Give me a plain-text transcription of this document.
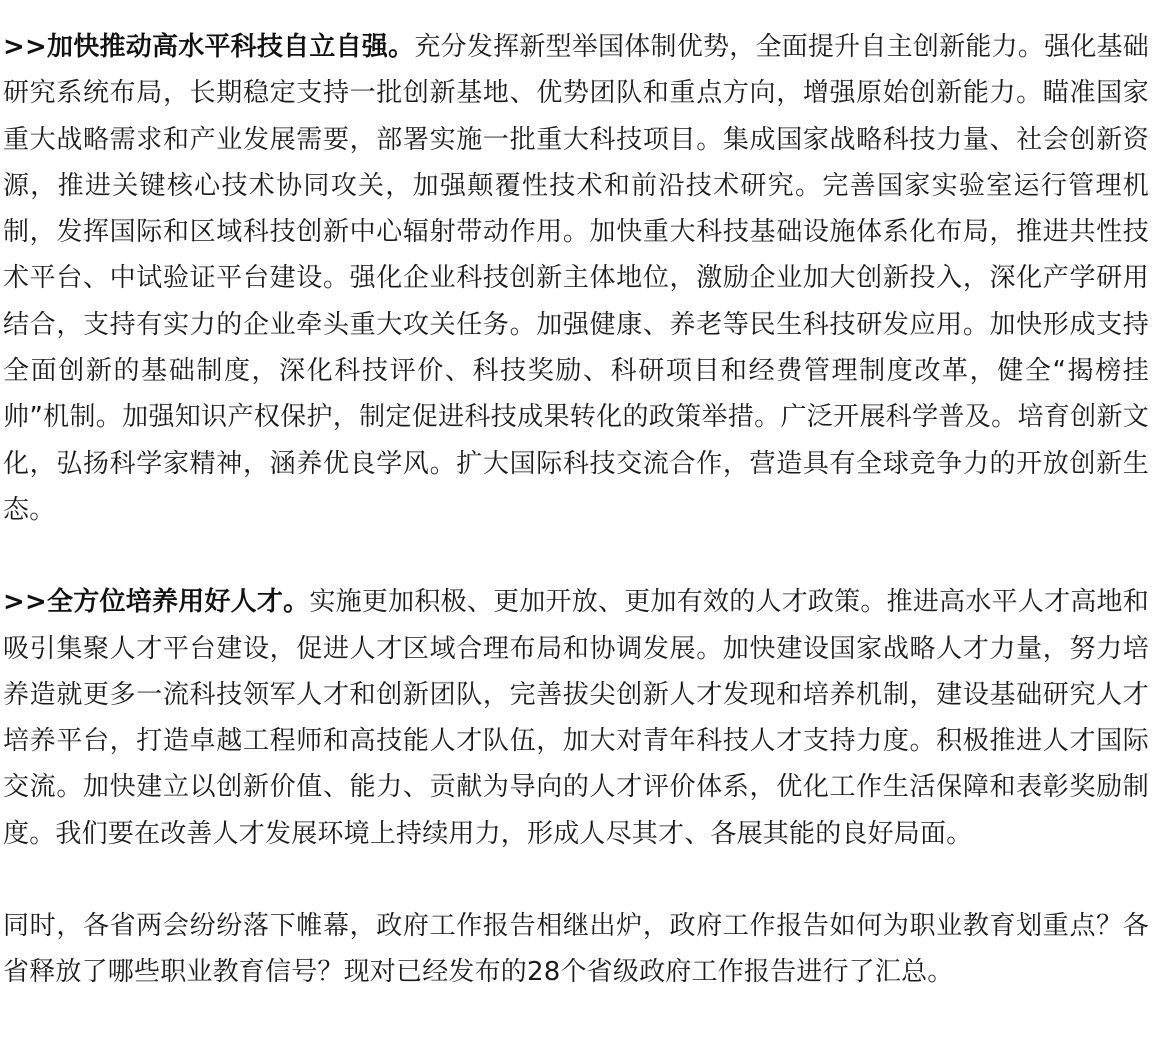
>>加快推动高水平科技自立自强。充分发挥新型举国体制优势，全面提升自主创新能力。强化基础研究系统布局，长期稳定支持一批创新基地、优势团队和重点方向，增强原始创新能力。瞄准国家重大战略需求和产业发展需要，部署实施一批重大科技项目。集成国家战略科技力量、社会创新资源，推进关键核心技术协同攻关，加强颠覆性技术和前沿技术研究。完善国家实验室运行管理机制，发挥国际和区域科技创新中心辐射带动作用。加快重大科技基础设施体系化布局，推进共性技术平台、中试验证平台建设。强化企业科技创新主体地位，激励企业加大创新投入，深化产学研用结合，支持有实力的企业牵头重大攻关任务。加强健康、养老等民生科技研发应用。加快形成支持全面创新的基础制度，深化科技评价、科技奖励、科研项目和经费管理制度改革，健全“揭榜挂帅”机制。加强知识产权保护，制定促进科技成果转化的政策举措。广泛开展科学普及。培育创新文化，弘扬科学家精神，涵养优良学风。扩大国际科技交流合作，营造具有全球竞争力的开放创新生态。

>>全方位培养用好人才。实施更加积极、更加开放、更加有效的人才政策。推进高水平人才高地和吸引集聚人才平台建设，促进人才区域合理布局和协调发展。加快建设国家战略人才力量，努力培养造就更多一流科技领军人才和创新团队，完善拔尖创新人才发现和培养机制，建设基础研究人才培养平台，打造卓越工程师和高技能人才队伍，加大对青年科技人才支持力度。积极推进人才国际交流。加快建立以创新价值、能力、贡献为导向的人才评价体系，优化工作生活保障和表彰奖励制度。我们要在改善人才发展环境上持续用力，形成人尽其才、各展其能的良好局面。

同时，各省两会纷纷落下帷幕，政府工作报告相继出炉，政府工作报告如何为职业教育划重点？各省释放了哪些职业教育信号？现对已经发布的28个省级政府工作报告进行了汇总。
